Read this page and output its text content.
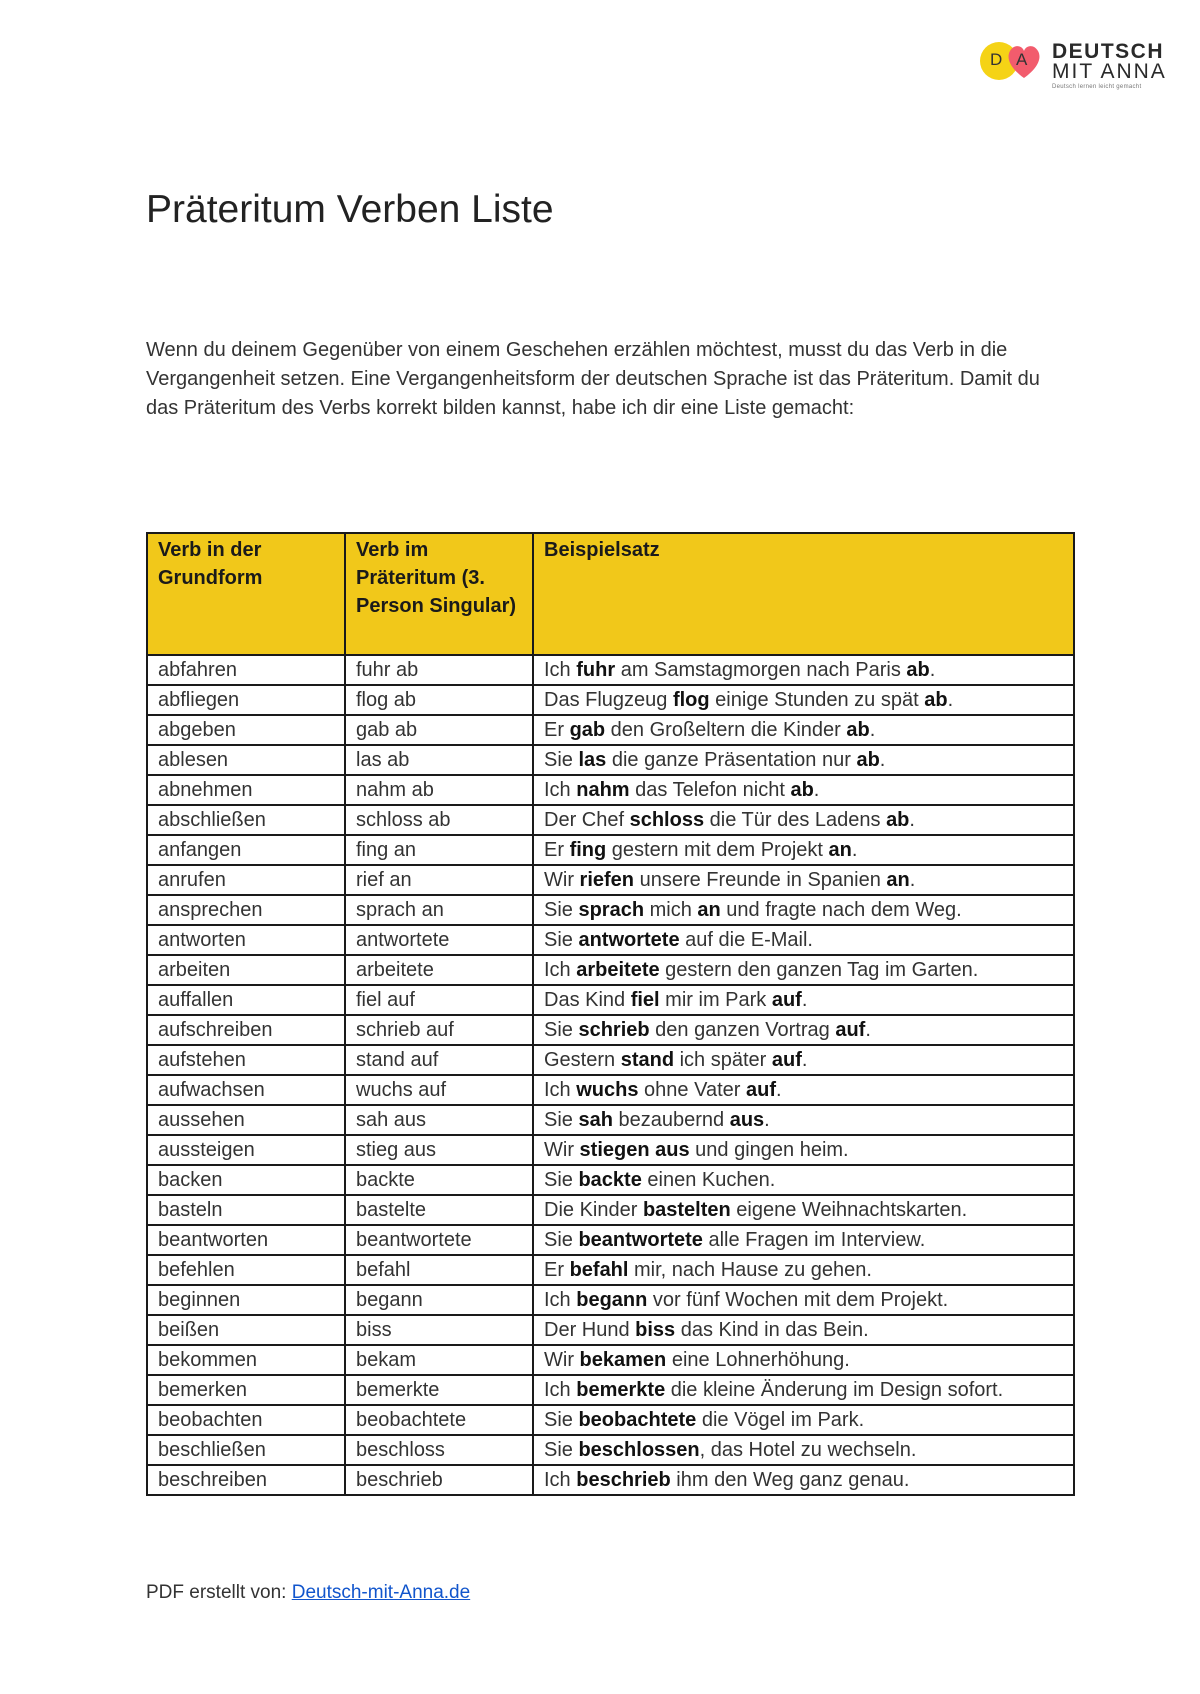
D A DEUTSCH
MIT ANNA
Deutsch lernen leicht gemacht
Präteritum Verben Liste

Wenn du deinem Gegenüber von einem Geschehen erzählen möchtest, musst du das Verb in die Vergangenheit setzen. Eine Vergangenheitsform der deutschen Sprache ist das Präteritum. Damit du das Präteritum des Verbs korrekt bilden kannst, habe ich dir eine Liste gemacht:

Verb in der Grundform	Verb im Präteritum (3. Person Singular)	Beispielsatz
abfahren	fuhr ab	Ich fuhr am Samstagmorgen nach Paris ab.
abfliegen	flog ab	Das Flugzeug flog einige Stunden zu spät ab.
abgeben	gab ab	Er gab den Großeltern die Kinder ab.
ablesen	las ab	Sie las die ganze Präsentation nur ab.
abnehmen	nahm ab	Ich nahm das Telefon nicht ab.
abschließen	schloss ab	Der Chef schloss die Tür des Ladens ab.
anfangen	fing an	Er fing gestern mit dem Projekt an.
anrufen	rief an	Wir riefen unsere Freunde in Spanien an.
ansprechen	sprach an	Sie sprach mich an und fragte nach dem Weg.
antworten	antwortete	Sie antwortete auf die E-Mail.
arbeiten	arbeitete	Ich arbeitete gestern den ganzen Tag im Garten.
auffallen	fiel auf	Das Kind fiel mir im Park auf.
aufschreiben	schrieb auf	Sie schrieb den ganzen Vortrag auf.
aufstehen	stand auf	Gestern stand ich später auf.
aufwachsen	wuchs auf	Ich wuchs ohne Vater auf.
aussehen	sah aus	Sie sah bezaubernd aus.
aussteigen	stieg aus	Wir stiegen aus und gingen heim.
backen	backte	Sie backte einen Kuchen.
basteln	bastelte	Die Kinder bastelten eigene Weihnachtskarten.
beantworten	beantwortete	Sie beantwortete alle Fragen im Interview.
befehlen	befahl	Er befahl mir, nach Hause zu gehen.
beginnen	begann	Ich begann vor fünf Wochen mit dem Projekt.
beißen	biss	Der Hund biss das Kind in das Bein.
bekommen	bekam	Wir bekamen eine Lohnerhöhung.
bemerken	bemerkte	Ich bemerkte die kleine Änderung im Design sofort.
beobachten	beobachtete	Sie beobachtete die Vögel im Park.
beschließen	beschloss	Sie beschlossen, das Hotel zu wechseln.
beschreiben	beschrieb	Ich beschrieb ihm den Weg ganz genau.
PDF erstellt von: Deutsch-mit-Anna.de
